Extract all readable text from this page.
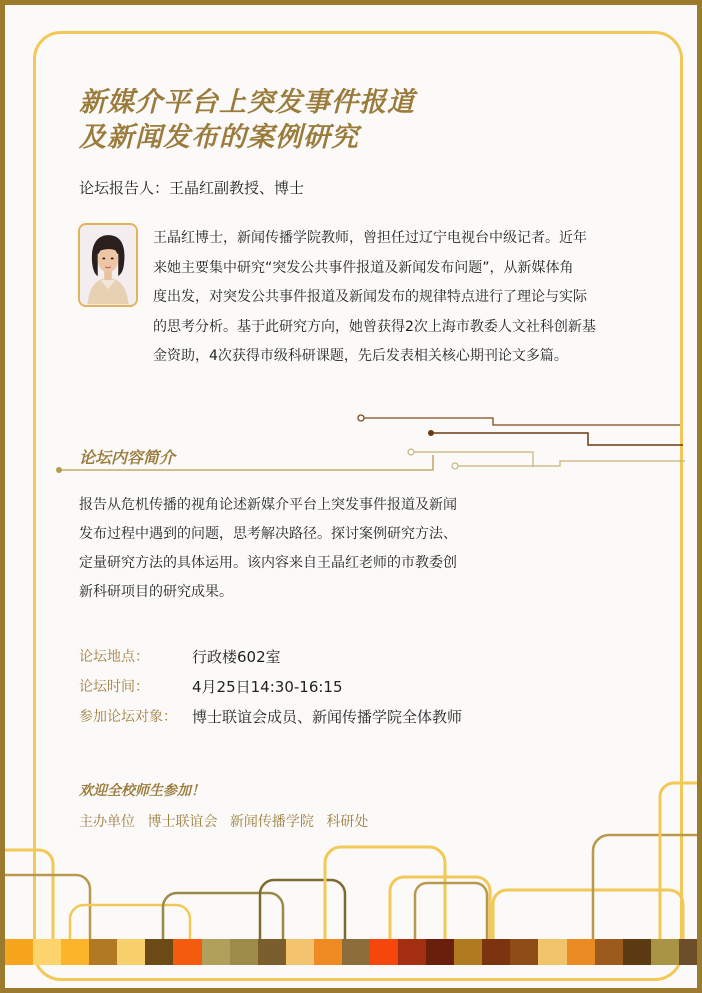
新媒介平台上突发事件报道
及新闻发布的案例研究
论坛报告人：王晶红副教授、博士

王晶红博士，新闻传播学院教师，曾担任过辽宁电视台中级记者。近年
来她主要集中研究“突发公共事件报道及新闻发布问题”，从新媒体角
度出发，对突发公共事件报道及新闻发布的规律特点进行了理论与实际
的思考分析。基于此研究方向，她曾获得2次上海市教委人文社科创新基
金资助，4次获得市级科研课题，先后发表相关核心期刊论文多篇。

论坛内容简介

报告从危机传播的视角论述新媒介平台上突发事件报道及新闻
发布过程中遇到的问题，思考解决路径。探讨案例研究方法、
定量研究方法的具体运用。该内容来自王晶红老师的市教委创
新科研项目的研究成果。

论坛地点：	行政楼602室
论坛时间：	4月25日14:30-16:15
参加论坛对象：	博士联谊会成员、新闻传播学院全体教师

欢迎全校师生参加！

主办单位 博士联谊会 新闻传播学院 科研处
